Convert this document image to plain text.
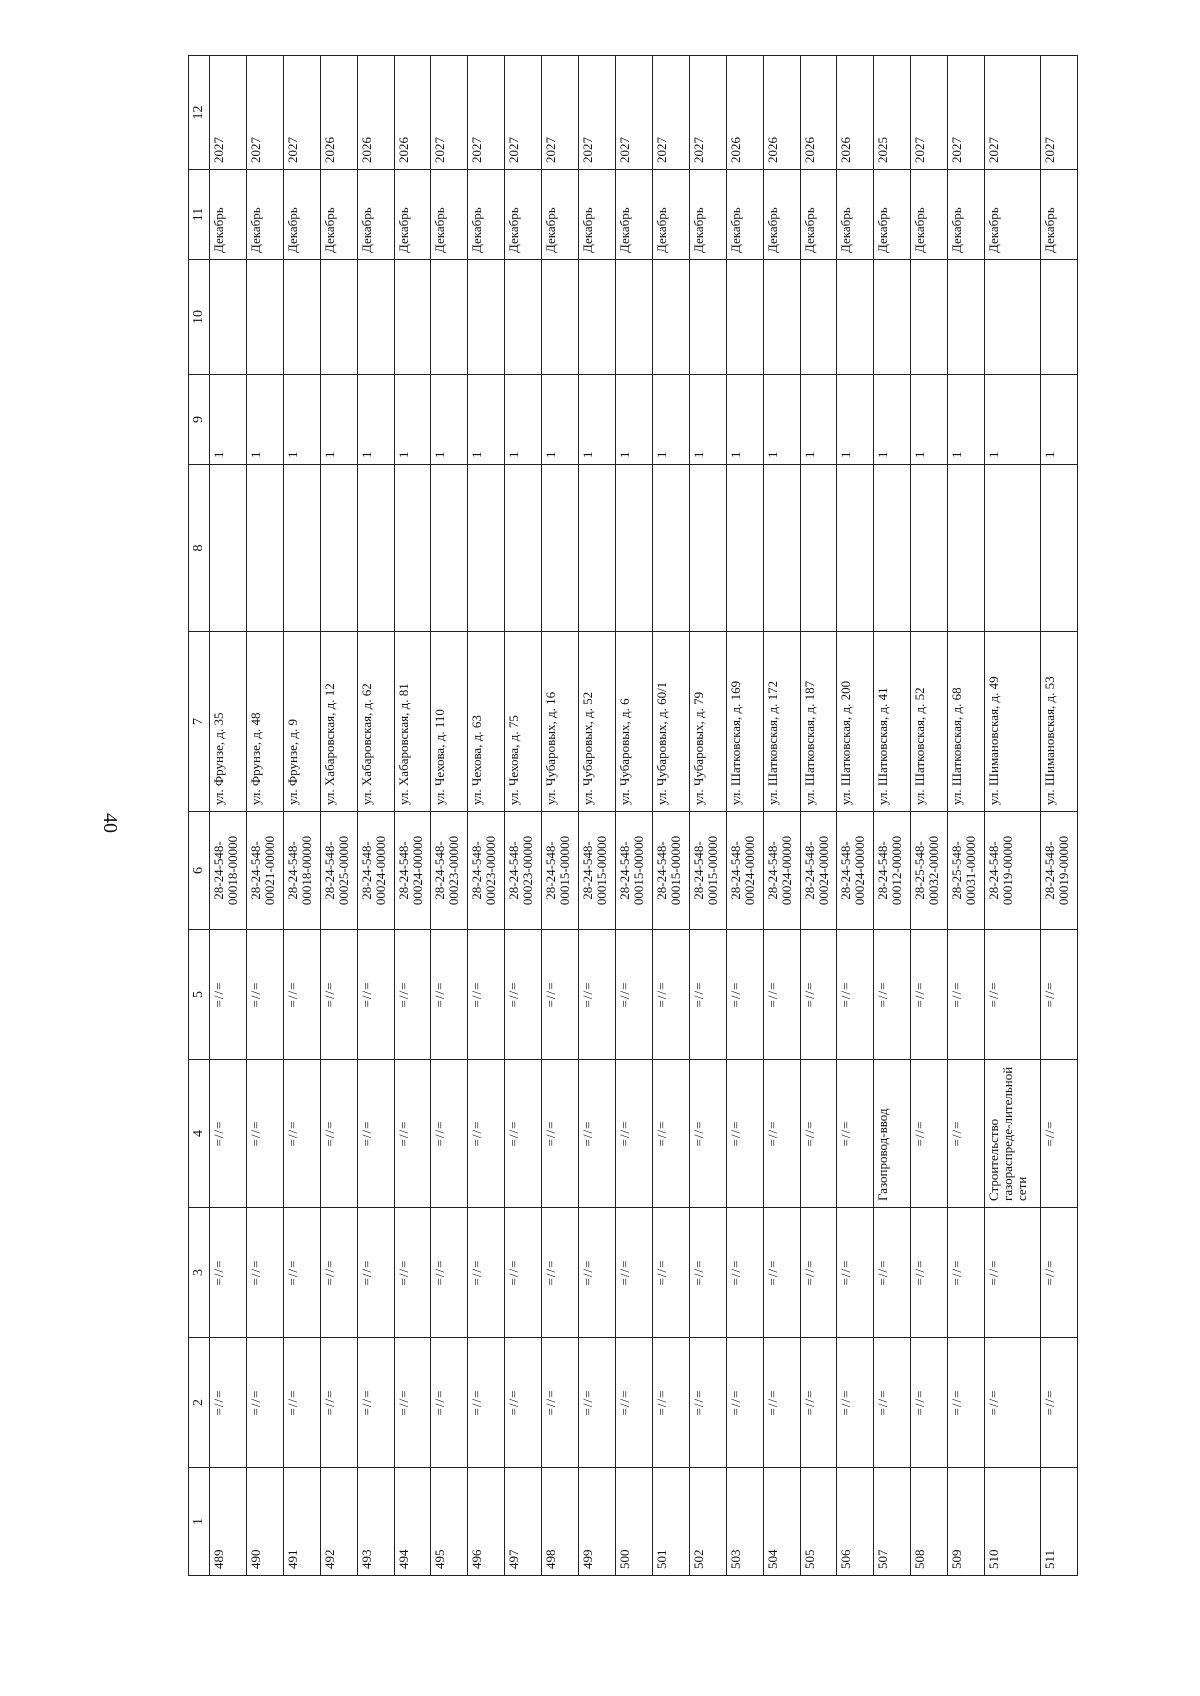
40
1	2	3	4	5	6	7	8	9	10	11	12
489	=//=	=//=	=//=	=//=	28-24-548- 00018-00000	ул. Фрунзе, д. 35		1		Декабрь	2027
490	=//=	=//=	=//=	=//=	28-24-548- 00021-00000	ул. Фрунзе, д. 48		1		Декабрь	2027
491	=//=	=//=	=//=	=//=	28-24-548- 00018-00000	ул. Фрунзе, д. 9		1		Декабрь	2027
492	=//=	=//=	=//=	=//=	28-24-548- 00025-00000	ул. Хабаровская, д. 12		1		Декабрь	2026
493	=//=	=//=	=//=	=//=	28-24-548- 00024-00000	ул. Хабаровская, д. 62		1		Декабрь	2026
494	=//=	=//=	=//=	=//=	28-24-548- 00024-00000	ул. Хабаровская, д. 81		1		Декабрь	2026
495	=//=	=//=	=//=	=//=	28-24-548- 00023-00000	ул. Чехова, д. 110		1		Декабрь	2027
496	=//=	=//=	=//=	=//=	28-24-548- 00023-00000	ул. Чехова, д. 63		1		Декабрь	2027
497	=//=	=//=	=//=	=//=	28-24-548- 00023-00000	ул. Чехова, д. 75		1		Декабрь	2027
498	=//=	=//=	=//=	=//=	28-24-548- 00015-00000	ул. Чубаровых, д. 16		1		Декабрь	2027
499	=//=	=//=	=//=	=//=	28-24-548- 00015-00000	ул. Чубаровых, д. 52		1		Декабрь	2027
500	=//=	=//=	=//=	=//=	28-24-548- 00015-00000	ул. Чубаровых, д. 6		1		Декабрь	2027
501	=//=	=//=	=//=	=//=	28-24-548- 00015-00000	ул. Чубаровых, д. 60/1		1		Декабрь	2027
502	=//=	=//=	=//=	=//=	28-24-548- 00015-00000	ул. Чубаровых, д. 79		1		Декабрь	2027
503	=//=	=//=	=//=	=//=	28-24-548- 00024-00000	ул. Шатковская, д. 169		1		Декабрь	2026
504	=//=	=//=	=//=	=//=	28-24-548- 00024-00000	ул. Шатковская, д. 172		1		Декабрь	2026
505	=//=	=//=	=//=	=//=	28-24-548- 00024-00000	ул. Шатковская, д. 187		1		Декабрь	2026
506	=//=	=//=	=//=	=//=	28-24-548- 00024-00000	ул. Шатковская, д. 200		1		Декабрь	2026
507	=//=	=//=	Газопровод-ввод	=//=	28-24-548- 00012-00000	ул. Шатковская, д. 41		1		Декабрь	2025
508	=//=	=//=	=//=	=//=	28-25-548- 00032-00000	ул. Шатковская, д. 52		1		Декабрь	2027
509	=//=	=//=	=//=	=//=	28-25-548- 00031-00000	ул. Шатковская, д. 68		1		Декабрь	2027
510	=//=	=//=	Строительство газораспреде-лительной сети	=//=	28-24-548- 00019-00000	ул. Шимановская, д. 49		1		Декабрь	2027
511	=//=	=//=	=//=	=//=	28-24-548- 00019-00000	ул. Шимановская, д. 53		1		Декабрь	2027
